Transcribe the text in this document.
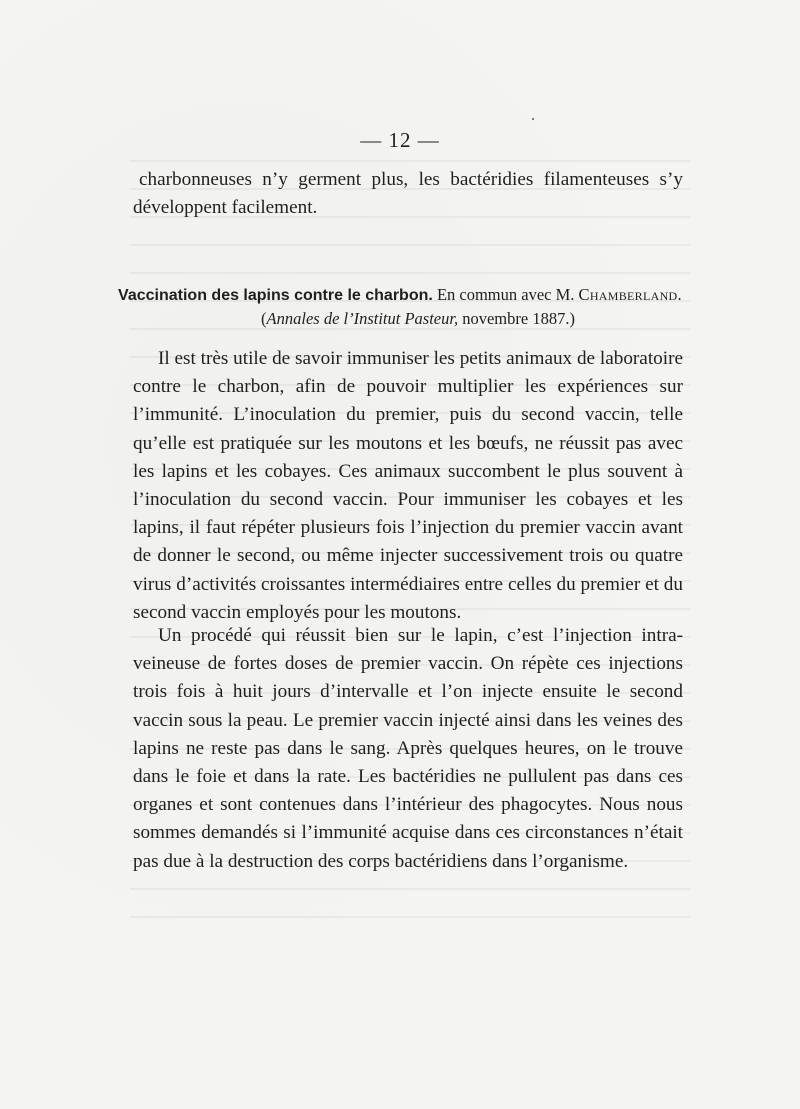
— 12 —
charbonneuses n’y germent plus, les bactéridies filamenteuses s’y développent facilement.
Vaccination des lapins contre le charbon. En commun avec M. Chamberland.
(Annales de l’Institut Pasteur, novembre 1887.)
Il est très utile de savoir immuniser les petits animaux de laboratoire contre le charbon, afin de pouvoir multiplier les expériences sur l’immunité. L’inoculation du premier, puis du second vaccin, telle qu’elle est pratiquée sur les moutons et les bœufs, ne réussit pas avec les lapins et les cobayes. Ces animaux succombent le plus souvent à l’inoculation du second vaccin. Pour immuniser les cobayes et les lapins, il faut répéter plusieurs fois l’injection du premier vaccin avant de donner le second, ou même injecter successivement trois ou quatre virus d’activités croissantes intermédiaires entre celles du premier et du second vaccin employés pour les moutons.
Un procédé qui réussit bien sur le lapin, c’est l’injection intra-veineuse de fortes doses de premier vaccin. On répète ces injections trois fois à huit jours d’intervalle et l’on injecte ensuite le second vaccin sous la peau. Le premier vaccin injecté ainsi dans les veines des lapins ne reste pas dans le sang. Après quelques heures, on le trouve dans le foie et dans la rate. Les bactéridies ne pullulent pas dans ces organes et sont contenues dans l’intérieur des phagocytes. Nous nous sommes demandés si l’immunité acquise dans ces circonstances n’était pas due à la destruction des corps bactéridiens dans l’organisme.
